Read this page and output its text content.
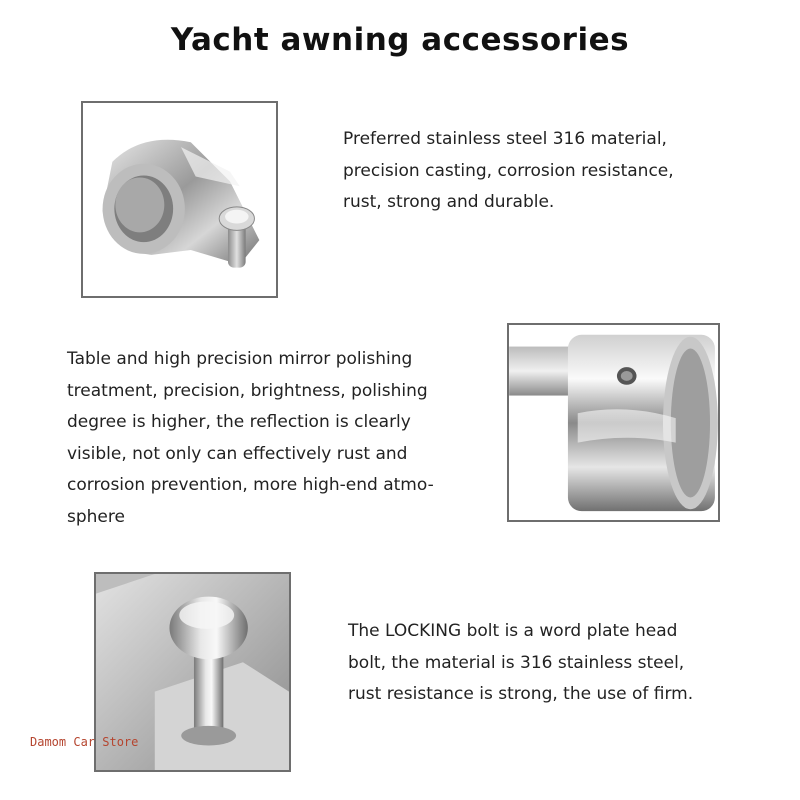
Yacht awning accessories
Preferred stainless steel 316 material,
precision casting, corrosion resistance,
rust, strong and durable.
Table and high precision mirror polishing
treatment, precision, brightness, polishing
degree is higher, the reflection is clearly
visible, not only can effectively rust and
corrosion prevention, more high-end atmo-
sphere
The LOCKING bolt is a word plate head
bolt, the material is 316 stainless steel,
rust resistance is strong, the use of firm.
Damom Car Store
